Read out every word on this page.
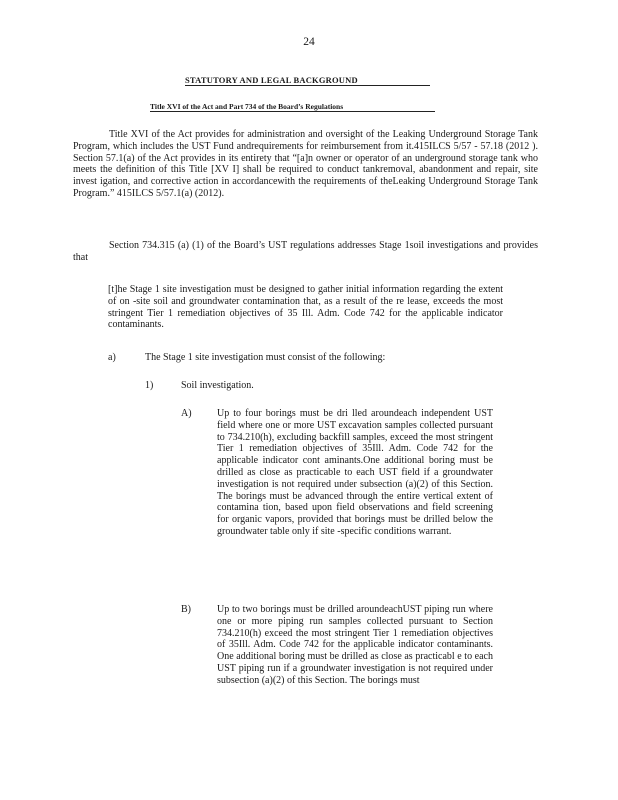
24
STATUTORY AND LEGAL BACKGROUND
Title XVI of the Act and Part 734 of the Board’s Regulations
Title XVI of the Act provides for administration and oversight of the Leaking Underground Storage Tank Program, which includes the UST Fund andrequirements for reimbursement from it.415ILCS 5/57 - 57.18 (2012 ). Section 57.1(a) of the Act provides in its entirety that “[a]n owner or operator of an underground storage tank who meets the definition of this Title [XV I] shall be required to conduct tankremoval, abandonment and repair, site invest igation, and corrective action in accordancewith the requirements of theLeaking Underground Storage Tank Program.” 415ILCS 5/57.1(a) (2012).
Section 734.315 (a) (1) of the Board’s UST regulations addresses Stage 1soil investigations and provides that
[t]he Stage 1 site investigation must be designed to gather initial information regarding the extent of on -site soil and groundwater contamination that, as a result of the re lease, exceeds the most stringent Tier 1 remediation objectives of 35 Ill. Adm. Code 742 for the applicable indicator contaminants.
a)	The Stage 1 site investigation must consist of the following:
1)	Soil investigation.
A)	Up to four borings must be dri lled aroundeach independent UST field where one or more UST excavation samples collected pursuant to 734.210(h), excluding backfill samples, exceed the most stringent Tier 1 remediation objectives of 35Ill. Adm. Code 742 for the applicable indicator cont aminants.One additional boring must be drilled as close as practicable to each UST field if a groundwater investigation is not required under subsection (a)(2) of this Section. The borings must be advanced through the entire vertical extent of contamina tion, based upon field observations and field screening for organic vapors, provided that borings must be drilled below the groundwater table only if site -specific conditions warrant.
B)	Up to two borings must be drilled aroundeachUST piping run where one or more piping run samples collected pursuant to Section 734.210(h) exceed the most stringent Tier 1 remediation objectives of 35Ill. Adm. Code 742 for the applicable indicator contaminants. One additional boring must be drilled as close as practicabl e to each UST piping run if a groundwater investigation is not required under subsection (a)(2) of this Section. The borings must
